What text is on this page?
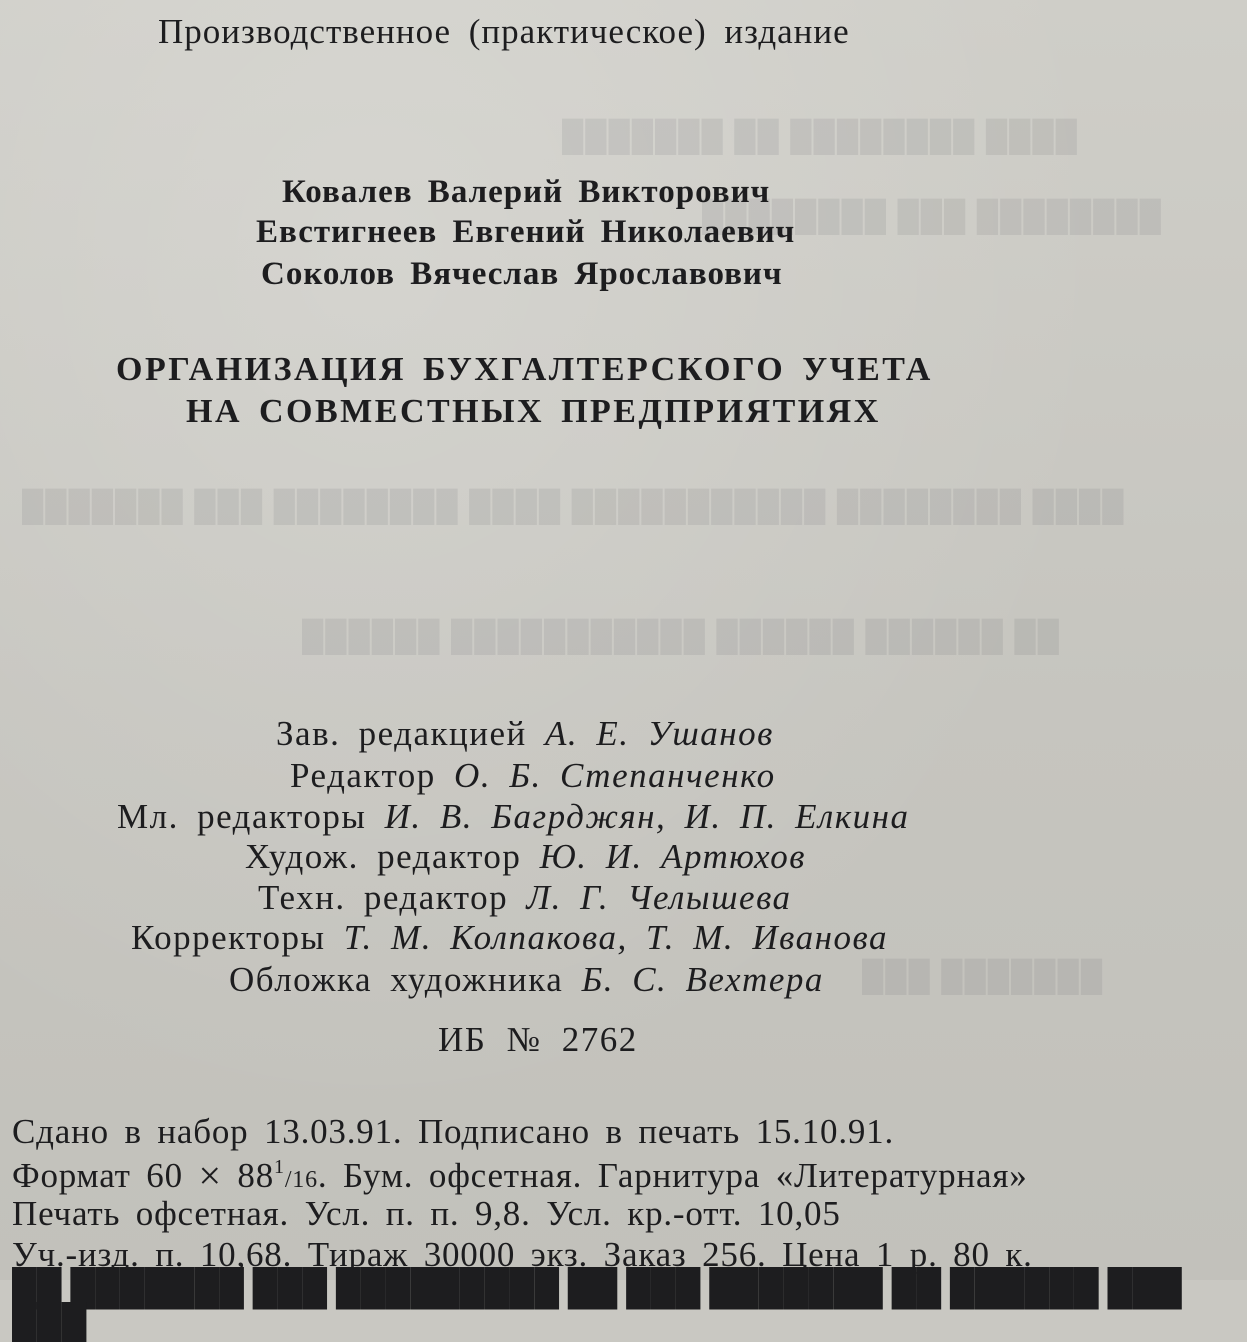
████ ████████ ██ ███████
████████ ███ ████████
████ ████████ ███████████ ████ ████████ ███ ███████
██ ██████ ██████ ███████████ ██████
███████ ███

Производственное (практическое) издание

Ковалев Валерий Викторович

Евстигнеев Евгений Николаевич

Соколов Вячеслав Ярославович

ОРГАНИЗАЦИЯ БУХГАЛТЕРСКОГО УЧЕТА

НА СОВМЕСТНЫХ ПРЕДПРИЯТИЯХ

Зав. редакцией А. Е. Ушанов

Редактор О. Б. Степанченко

Мл. редакторы И. В. Багрджян, И. П. Елкина

Худож. редактор Ю. И. Артюхов

Техн. редактор Л. Г. Челышева

Корректоры Т. М. Колпакова, Т. М. Иванова

Обложка художника Б. С. Вехтера

ИБ № 2762

Сдано в набор 13.03.91. Подписано в печать 15.10.91.

Формат $60 \times 88^1/16$. Бум. офсетная. Гарнитура «Литературная»

Печать офсетная. Усл. п. п. 9,8. Усл. кр.-отт. 10,05

Уч.-изд. п. 10,68. Тираж 30000 экз. Заказ 256. Цена 1 р. 80 к.

██ ███████ ███ █████████ ██ ███ ███████ ██ ██████ ███ ███
